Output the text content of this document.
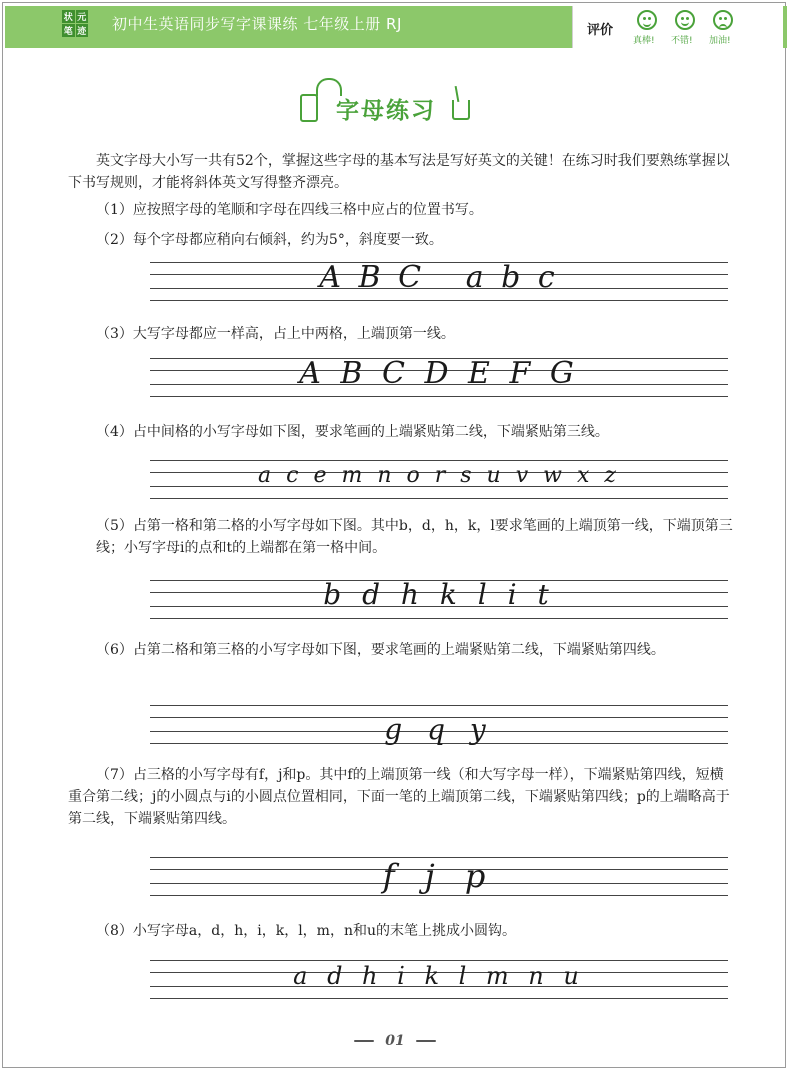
状 元
笔 迹 初中生英语同步写字课课练 七年级上册 RJ	评价
真棒! 不错! 加油!
字母练习
英文字母大小写一共有52个，掌握这些字母的基本写法是写好英文的关键！在练习时我们要熟练掌握以下书写规则，才能将斜体英文写得整齐漂亮。
（1）应按照字母的笔顺和字母在四线三格中应占的位置书写。
（2）每个字母都应稍向右倾斜，约为5°，斜度要一致。
A B C   a b c
（3）大写字母都应一样高，占上中两格，上端顶第一线。
A B C D E F G
（4）占中间格的小写字母如下图，要求笔画的上端紧贴第二线，下端紧贴第三线。
a c e m n o r s u v w x z
（5）占第一格和第二格的小写字母如下图。其中b，d，h，k，l要求笔画的上端顶第一线，下端顶第三线；小写字母i的点和t的上端都在第一格中间。
b d h k l i t
（6）占第二格和第三格的小写字母如下图，要求笔画的上端紧贴第二线，下端紧贴第四线。
g q y
（7）占三格的小写字母有f，j和p。其中f的上端顶第一线（和大写字母一样），下端紧贴第四线，短横重合第二线；j的小圆点与i的小圆点位置相同，下面一笔的上端顶第二线，下端紧贴第四线；p的上端略高于第二线，下端紧贴第四线。
f j p
（8）小写字母a，d，h，i，k，l，m，n和u的末笔上挑成小圆钩。
a d h i k l m n u
01
